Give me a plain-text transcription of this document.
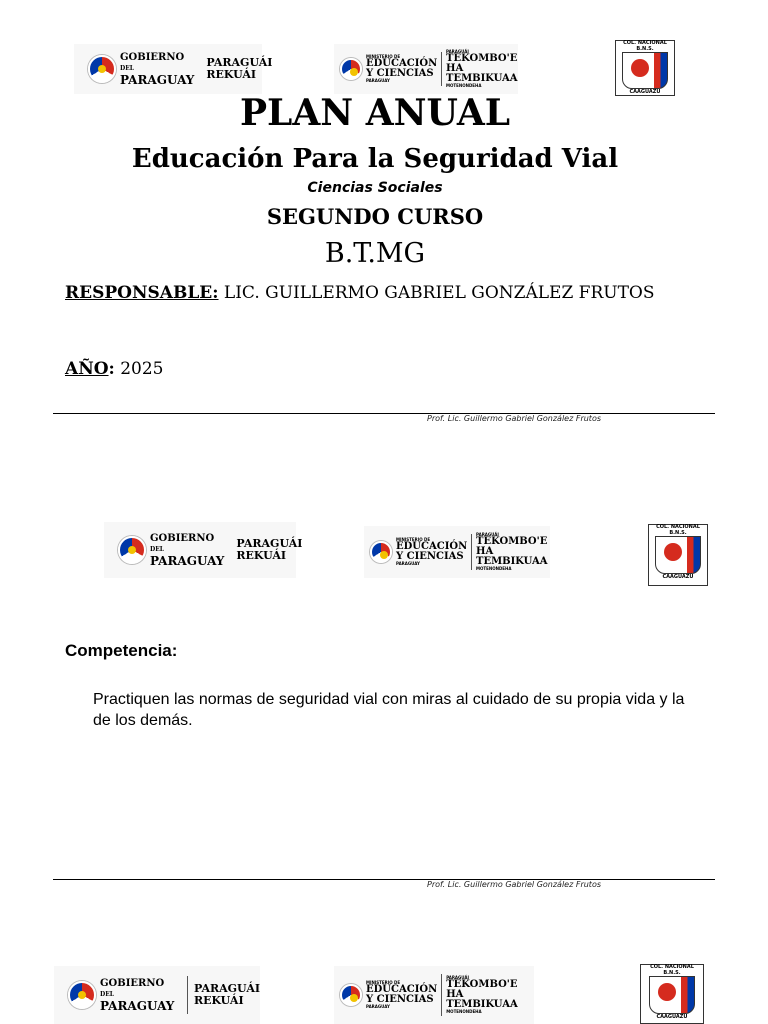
GOBIERNO DEL
PARAGUAY
PARAGUÁI
REKUÁI
MINISTERIO DE
EDUCACIÓN
Y CIENCIAS
PARAGUAY
PARAGUÁI
TEKOMBO'E
HA TEMBIKUAA
MOTENONDEHA
COL. NACIONAL
B.N.S.
CAAGUAZU
PLAN ANUAL
Educación Para la Seguridad Vial
Ciencias Sociales
SEGUNDO CURSO
B.T.MG
RESPONSABLE: LIC. GUILLERMO GABRIEL GONZÁLEZ FRUTOS
AÑO: 2025
Prof. Lic. Guillermo Gabriel González Frutos
GOBIERNO DEL
PARAGUAY
PARAGUÁI
REKUÁI
MINISTERIO DE
EDUCACIÓN
Y CIENCIAS
PARAGUAY
PARAGUÁI
TEKOMBO'E
HA TEMBIKUAA
MOTENONDEHA
COL. NACIONAL
B.N.S.
CAAGUAZU
Competencia:
Practiquen las normas de seguridad vial con miras al cuidado de su propia vida y la de los demás.
Prof. Lic. Guillermo Gabriel González Frutos
GOBIERNO DEL
PARAGUAY
PARAGUÁI
REKUÁI
MINISTERIO DE
EDUCACIÓN
Y CIENCIAS
PARAGUAY
PARAGUÁI
TEKOMBO'E
HA TEMBIKUAA
MOTENONDEHA
COL. NACIONAL
B.N.S.
CAAGUAZU
